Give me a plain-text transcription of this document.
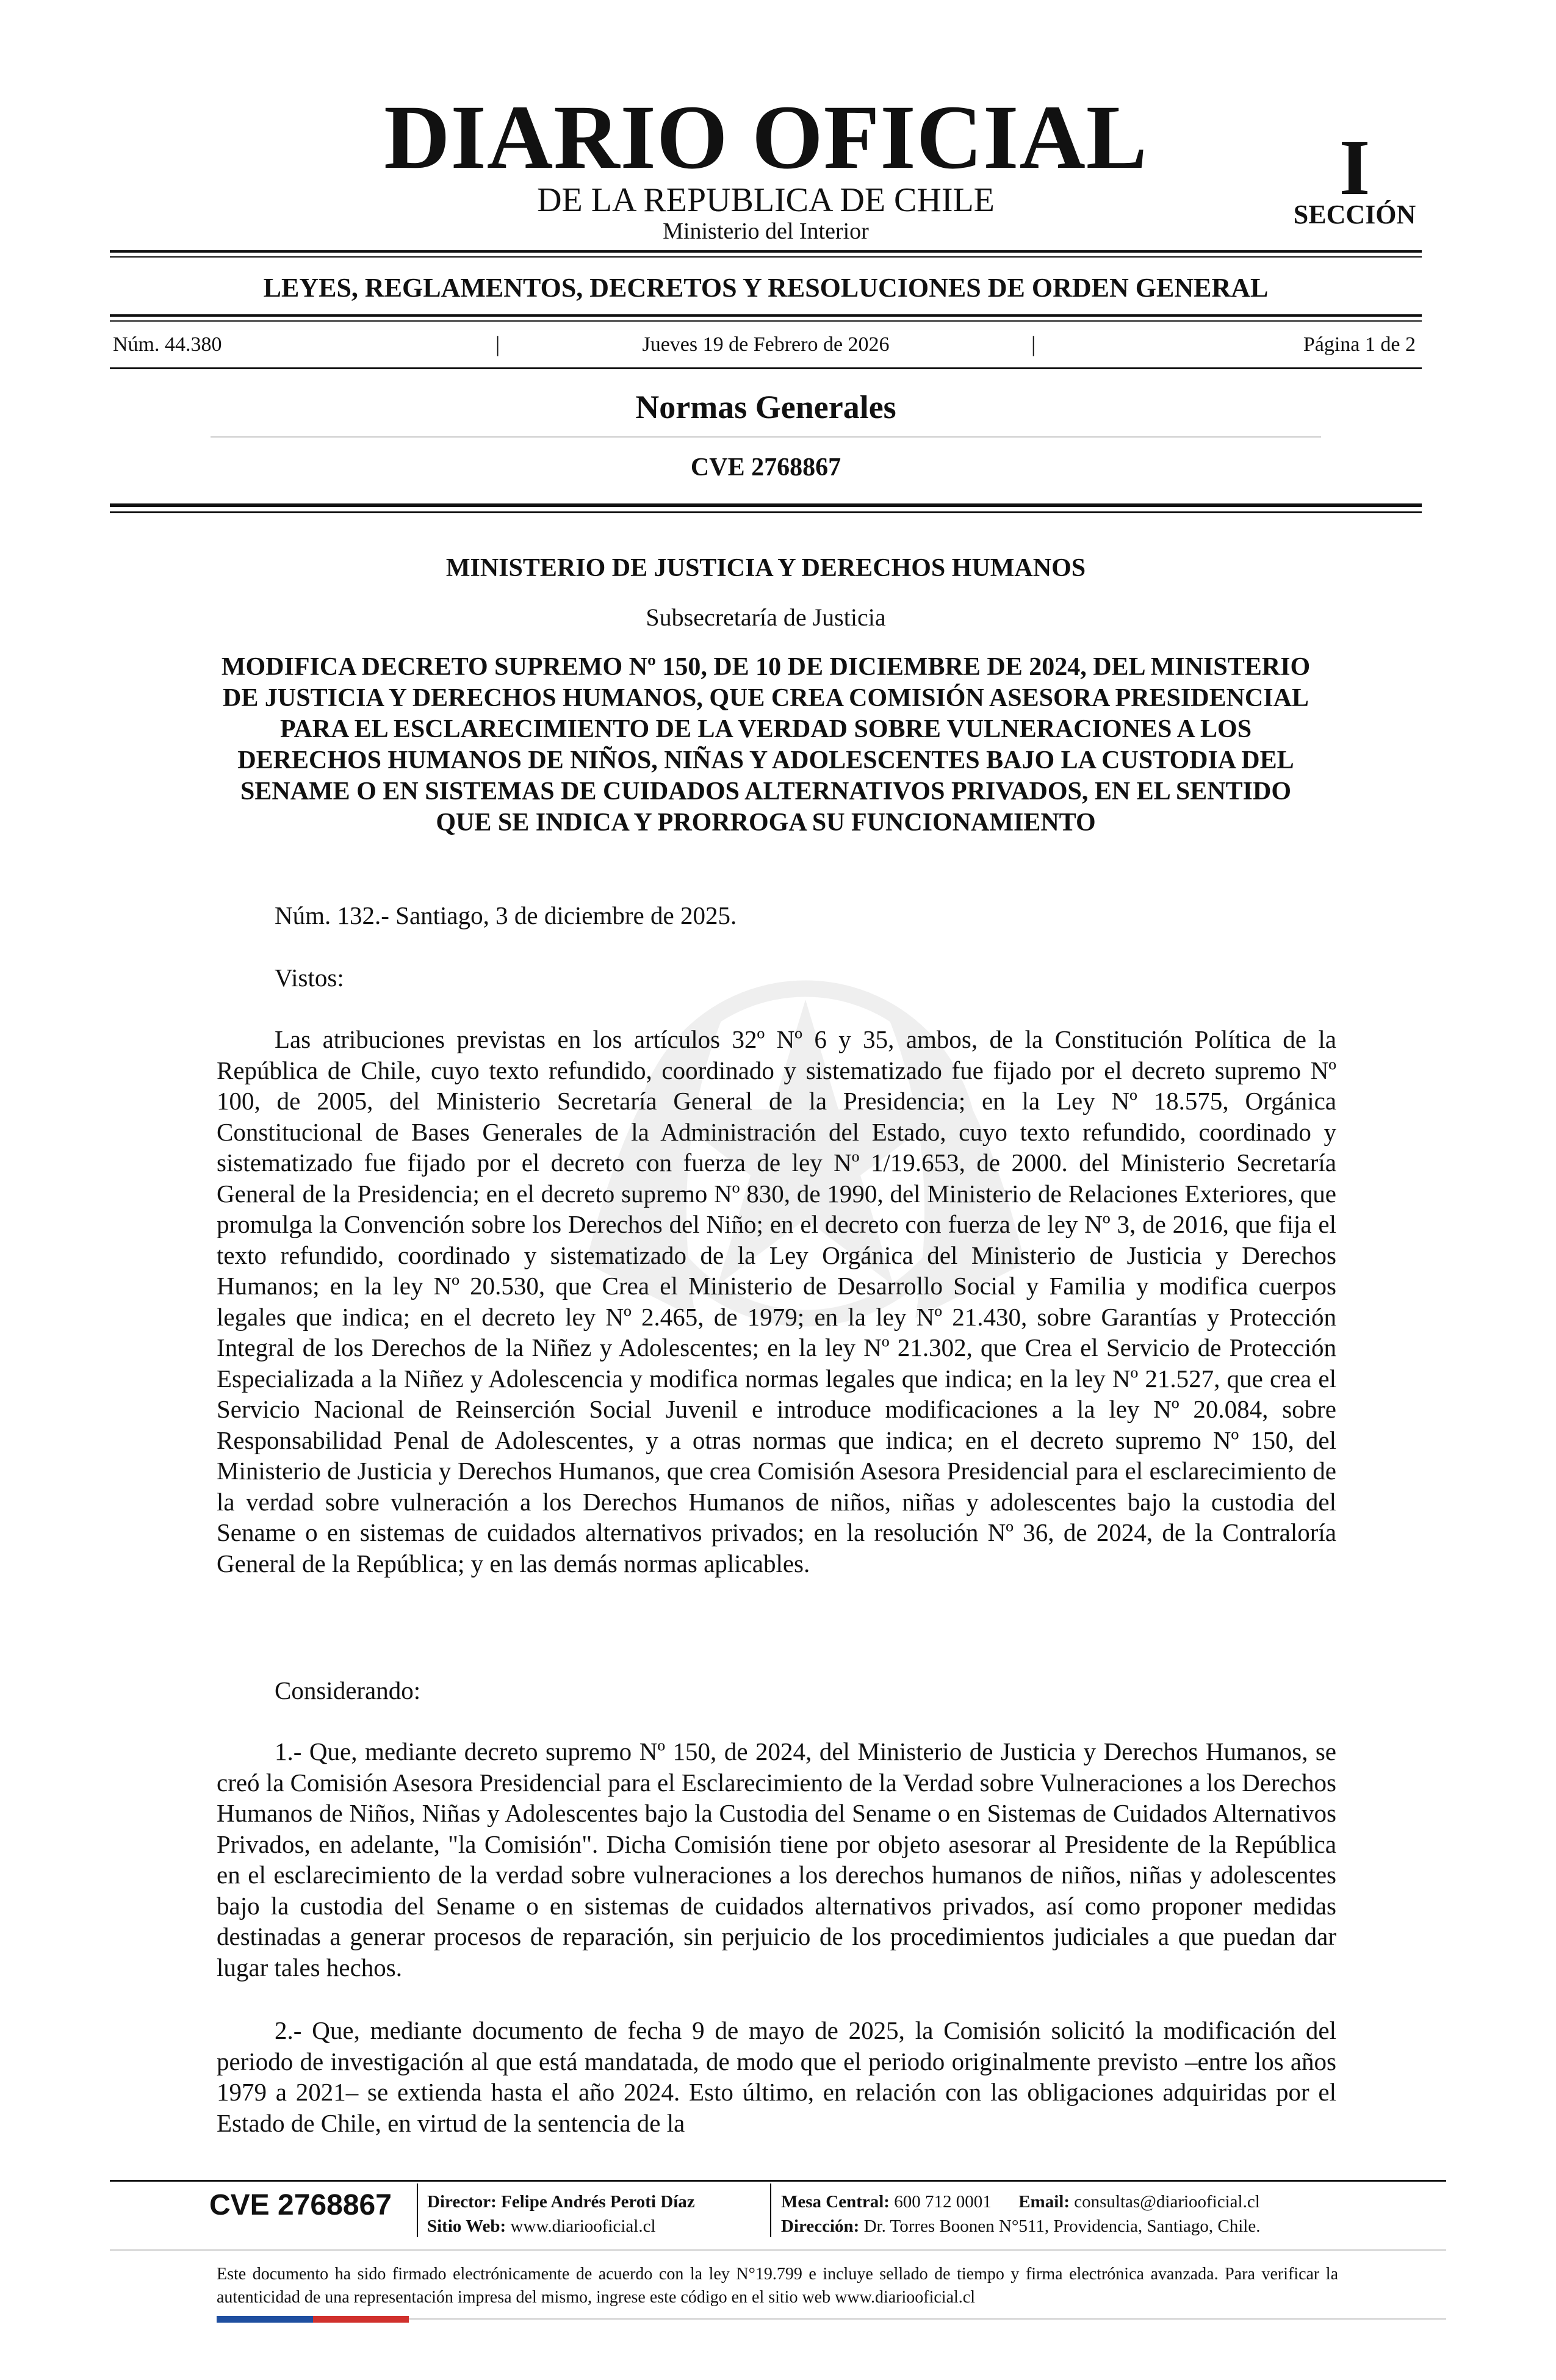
DIARIO OFICIAL
DE LA REPUBLICA DE CHILE
Ministerio del Interior
I
SECCIÓN
LEYES, REGLAMENTOS, DECRETOS Y RESOLUCIONES DE ORDEN GENERAL
Núm. 44.380	|	Jueves 19 de Febrero de 2026	|	Página 1 de 2
Normas Generales
CVE 2768867
MINISTERIO DE JUSTICIA Y DERECHOS HUMANOS
Subsecretaría de Justicia

MODIFICA DECRETO SUPREMO Nº 150, DE 10 DE DICIEMBRE DE 2024, DEL MINISTERIO DE JUSTICIA Y DERECHOS HUMANOS, QUE CREA COMISIÓN ASESORA PRESIDENCIAL PARA EL ESCLARECIMIENTO DE LA VERDAD SOBRE VULNERACIONES A LOS DERECHOS HUMANOS DE NIÑOS, NIÑAS Y ADOLESCENTES BAJO LA CUSTODIA DEL SENAME O EN SISTEMAS DE CUIDADOS ALTERNATIVOS PRIVADOS, EN EL SENTIDO QUE SE INDICA Y PRORROGA SU FUNCIONAMIENTO

Núm. 132.- Santiago, 3 de diciembre de 2025.

Vistos:

Las atribuciones previstas en los artículos 32º Nº 6 y 35, ambos, de la Constitución Política de la República de Chile, cuyo texto refundido, coordinado y sistematizado fue fijado por el decreto supremo Nº 100, de 2005, del Ministerio Secretaría General de la Presidencia; en la Ley Nº 18.575, Orgánica Constitucional de Bases Generales de la Administración del Estado, cuyo texto refundido, coordinado y sistematizado fue fijado por el decreto con fuerza de ley Nº 1/19.653, de 2000. del Ministerio Secretaría General de la Presidencia; en el decreto supremo Nº 830, de 1990, del Ministerio de Relaciones Exteriores, que promulga la Convención sobre los Derechos del Niño; en el decreto con fuerza de ley Nº 3, de 2016, que fija el texto refundido, coordinado y sistematizado de la Ley Orgánica del Ministerio de Justicia y Derechos Humanos; en la ley Nº 20.530, que Crea el Ministerio de Desarrollo Social y Familia y modifica cuerpos legales que indica; en el decreto ley Nº 2.465, de 1979; en la ley Nº 21.430, sobre Garantías y Protección Integral de los Derechos de la Niñez y Adolescentes; en la ley Nº 21.302, que Crea el Servicio de Protección Especializada a la Niñez y Adolescencia y modifica normas legales que indica; en la ley Nº 21.527, que crea el Servicio Nacional de Reinserción Social Juvenil e introduce modificaciones a la ley Nº 20.084, sobre Responsabilidad Penal de Adolescentes, y a otras normas que indica; en el decreto supremo Nº 150, del Ministerio de Justicia y Derechos Humanos, que crea Comisión Asesora Presidencial para el esclarecimiento de la verdad sobre vulneración a los Derechos Humanos de niños, niñas y adolescentes bajo la custodia del Sename o en sistemas de cuidados alternativos privados; en la resolución Nº 36, de 2024, de la Contraloría General de la República; y en las demás normas aplicables.

Considerando:

1.- Que, mediante decreto supremo Nº 150, de 2024, del Ministerio de Justicia y Derechos Humanos, se creó la Comisión Asesora Presidencial para el Esclarecimiento de la Verdad sobre Vulneraciones a los Derechos Humanos de Niños, Niñas y Adolescentes bajo la Custodia del Sename o en Sistemas de Cuidados Alternativos Privados, en adelante, "la Comisión". Dicha Comisión tiene por objeto asesorar al Presidente de la República en el esclarecimiento de la verdad sobre vulneraciones a los derechos humanos de niños, niñas y adolescentes bajo la custodia del Sename o en sistemas de cuidados alternativos privados, así como proponer medidas destinadas a generar procesos de reparación, sin perjuicio de los procedimientos judiciales a que puedan dar lugar tales hechos.

2.- Que, mediante documento de fecha 9 de mayo de 2025, la Comisión solicitó la modificación del periodo de investigación al que está mandatada, de modo que el periodo originalmente previsto –entre los años 1979 a 2021– se extienda hasta el año 2024. Esto último, en relación con las obligaciones adquiridas por el Estado de Chile, en virtud de la sentencia de la

CVE 2768867 Director: Felipe Andrés Peroti Díaz
Sitio Web: www.diariooficial.cl
Mesa Central: 600 712 0001 Email: consultas@diariooficial.cl
Dirección: Dr. Torres Boonen N°511, Providencia, Santiago, Chile.

Este documento ha sido firmado electrónicamente de acuerdo con la ley N°19.799 e incluye sellado de tiempo y firma electrónica avanzada. Para verificar la autenticidad de una representación impresa del mismo, ingrese este código en el sitio web www.diariooficial.cl
